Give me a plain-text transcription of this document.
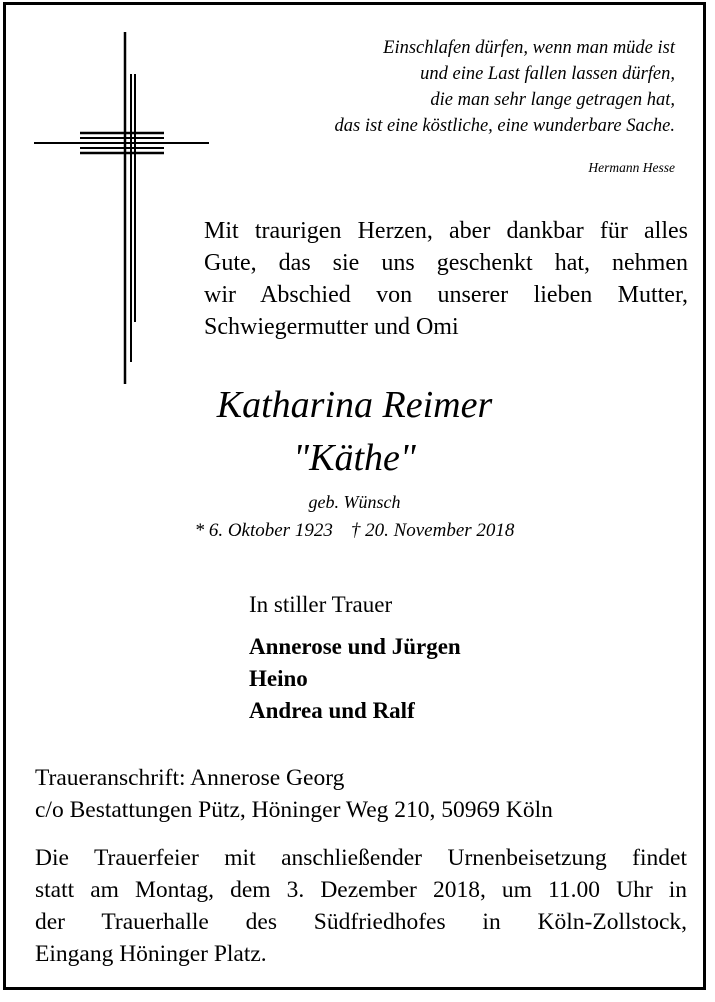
Einschlafen dürfen, wenn man müde ist
und eine Last fallen lassen dürfen,
die man sehr lange getragen hat,
das ist eine köstliche, eine wunderbare Sache.
Hermann Hesse
Mit traurigen Herzen, aber dankbar für alles
Gute, das sie uns geschenkt hat, nehmen
wir Abschied von unserer lieben Mutter,
Schwiegermutter und Omi
Katharina Reimer
"Käthe"
geb. Wünsch
* 6. Oktober 1923 † 20. November 2018
In stiller Trauer
Annerose und Jürgen
Heino
Andrea und Ralf
Traueranschrift: Annerose Georg
c/o Bestattungen Pütz, Höninger Weg 210, 50969 Köln
Die Trauerfeier mit anschließender Urnenbeisetzung findet
statt am Montag, dem 3. Dezember 2018, um 11.00 Uhr in
der Trauerhalle des Südfriedhofes in Köln-Zollstock,
Eingang Höninger Platz.
